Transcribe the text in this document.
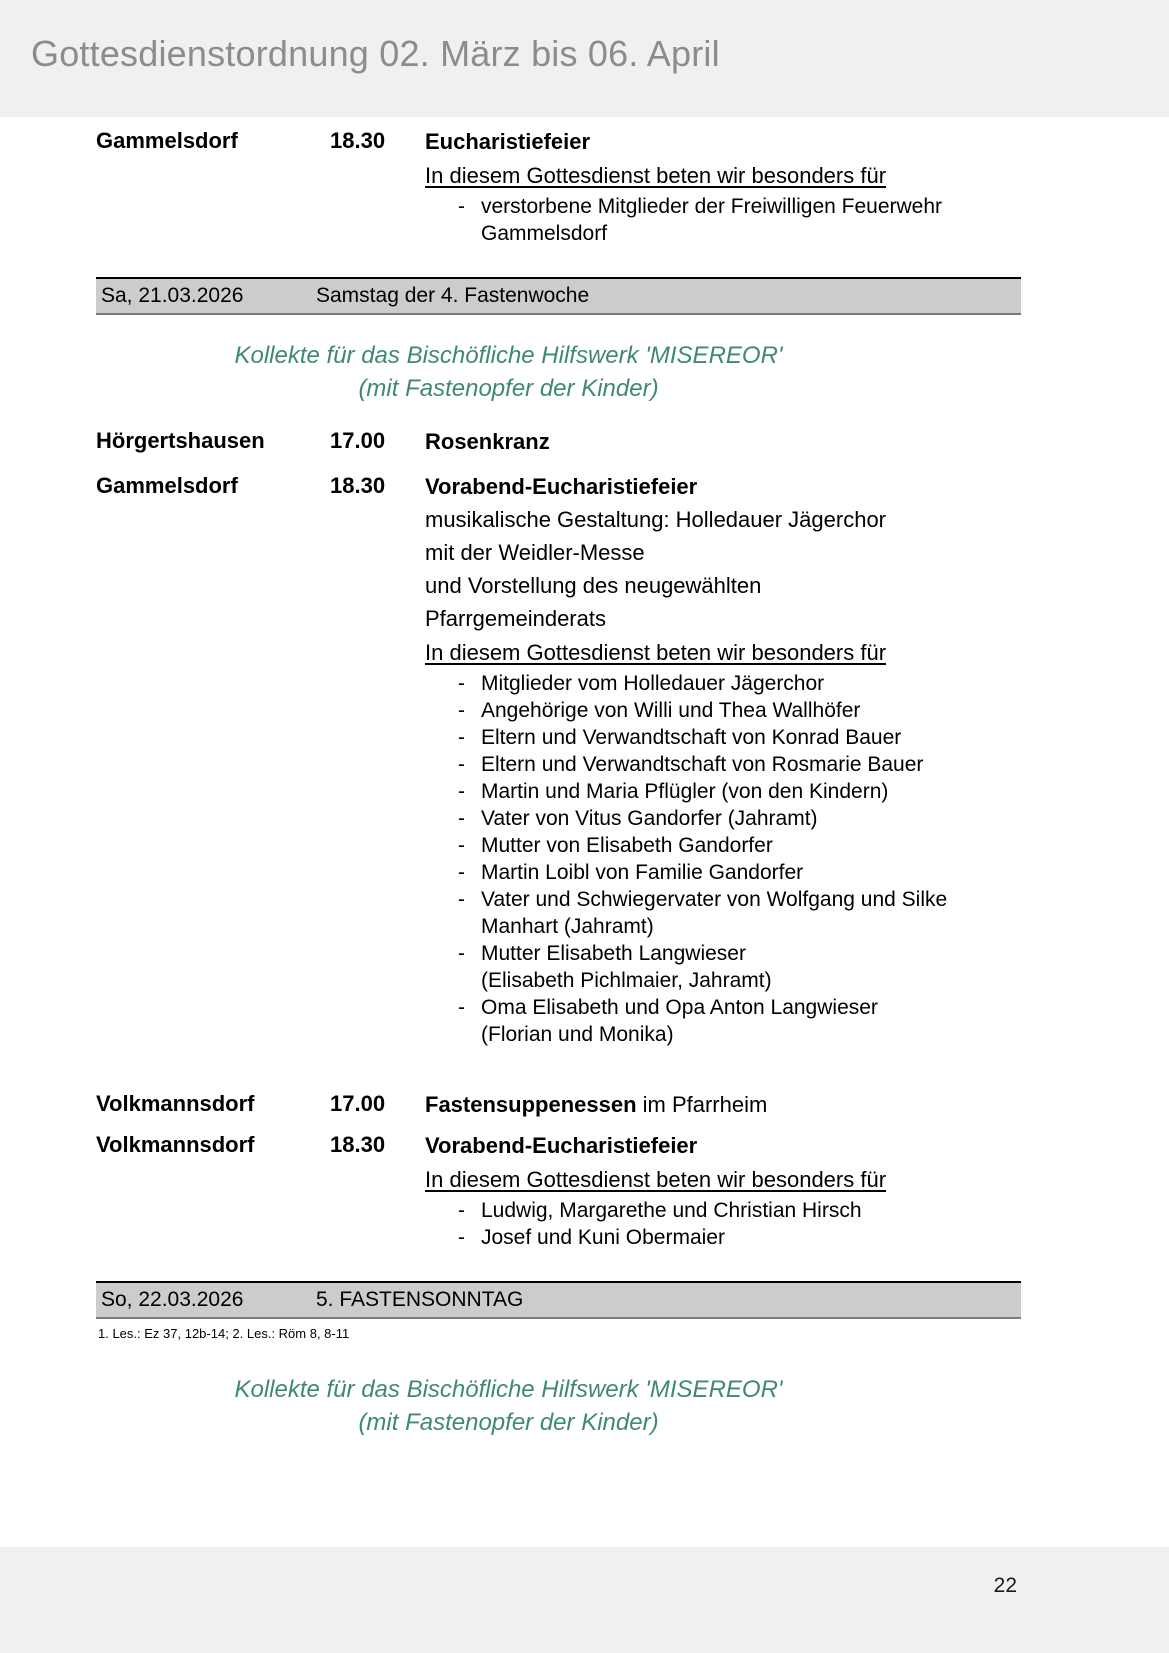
Gottesdienstordnung 02. März bis 06. April
Gammelsdorf	18.30	Eucharistiefeier
In diesem Gottesdienst beten wir besonders für
- verstorbene Mitglieder der Freiwilligen Feuerwehr
Gammelsdorf
Sa, 21.03.2026	Samstag der 4. Fastenwoche
Kollekte für das Bischöfliche Hilfswerk 'MISEREOR'
(mit Fastenopfer der Kinder)
Hörgertshausen	17.00	Rosenkranz
Gammelsdorf	18.30	Vorabend-Eucharistiefeier
musikalische Gestaltung: Holledauer Jägerchor
mit der Weidler-Messe
und Vorstellung des neugewählten
Pfarrgemeinderats
In diesem Gottesdienst beten wir besonders für
- Mitglieder vom Holledauer Jägerchor
- Angehörige von Willi und Thea Wallhöfer
- Eltern und Verwandtschaft von Konrad Bauer
- Eltern und Verwandtschaft von Rosmarie Bauer
- Martin und Maria Pflügler (von den Kindern)
- Vater von Vitus Gandorfer (Jahramt)
- Mutter von Elisabeth Gandorfer
- Martin Loibl von Familie Gandorfer
- Vater und Schwiegervater von Wolfgang und Silke
Manhart (Jahramt)
- Mutter Elisabeth Langwieser
(Elisabeth Pichlmaier, Jahramt)
- Oma Elisabeth und Opa Anton Langwieser
(Florian und Monika)
Volkmannsdorf	17.00	Fastensuppenessen im Pfarrheim
Volkmannsdorf	18.30	Vorabend-Eucharistiefeier
In diesem Gottesdienst beten wir besonders für
- Ludwig, Margarethe und Christian Hirsch
- Josef und Kuni Obermaier
So, 22.03.2026	5. FASTENSONNTAG
1. Les.: Ez 37, 12b-14; 2. Les.: Röm 8, 8-11
Kollekte für das Bischöfliche Hilfswerk 'MISEREOR'
(mit Fastenopfer der Kinder)
22
